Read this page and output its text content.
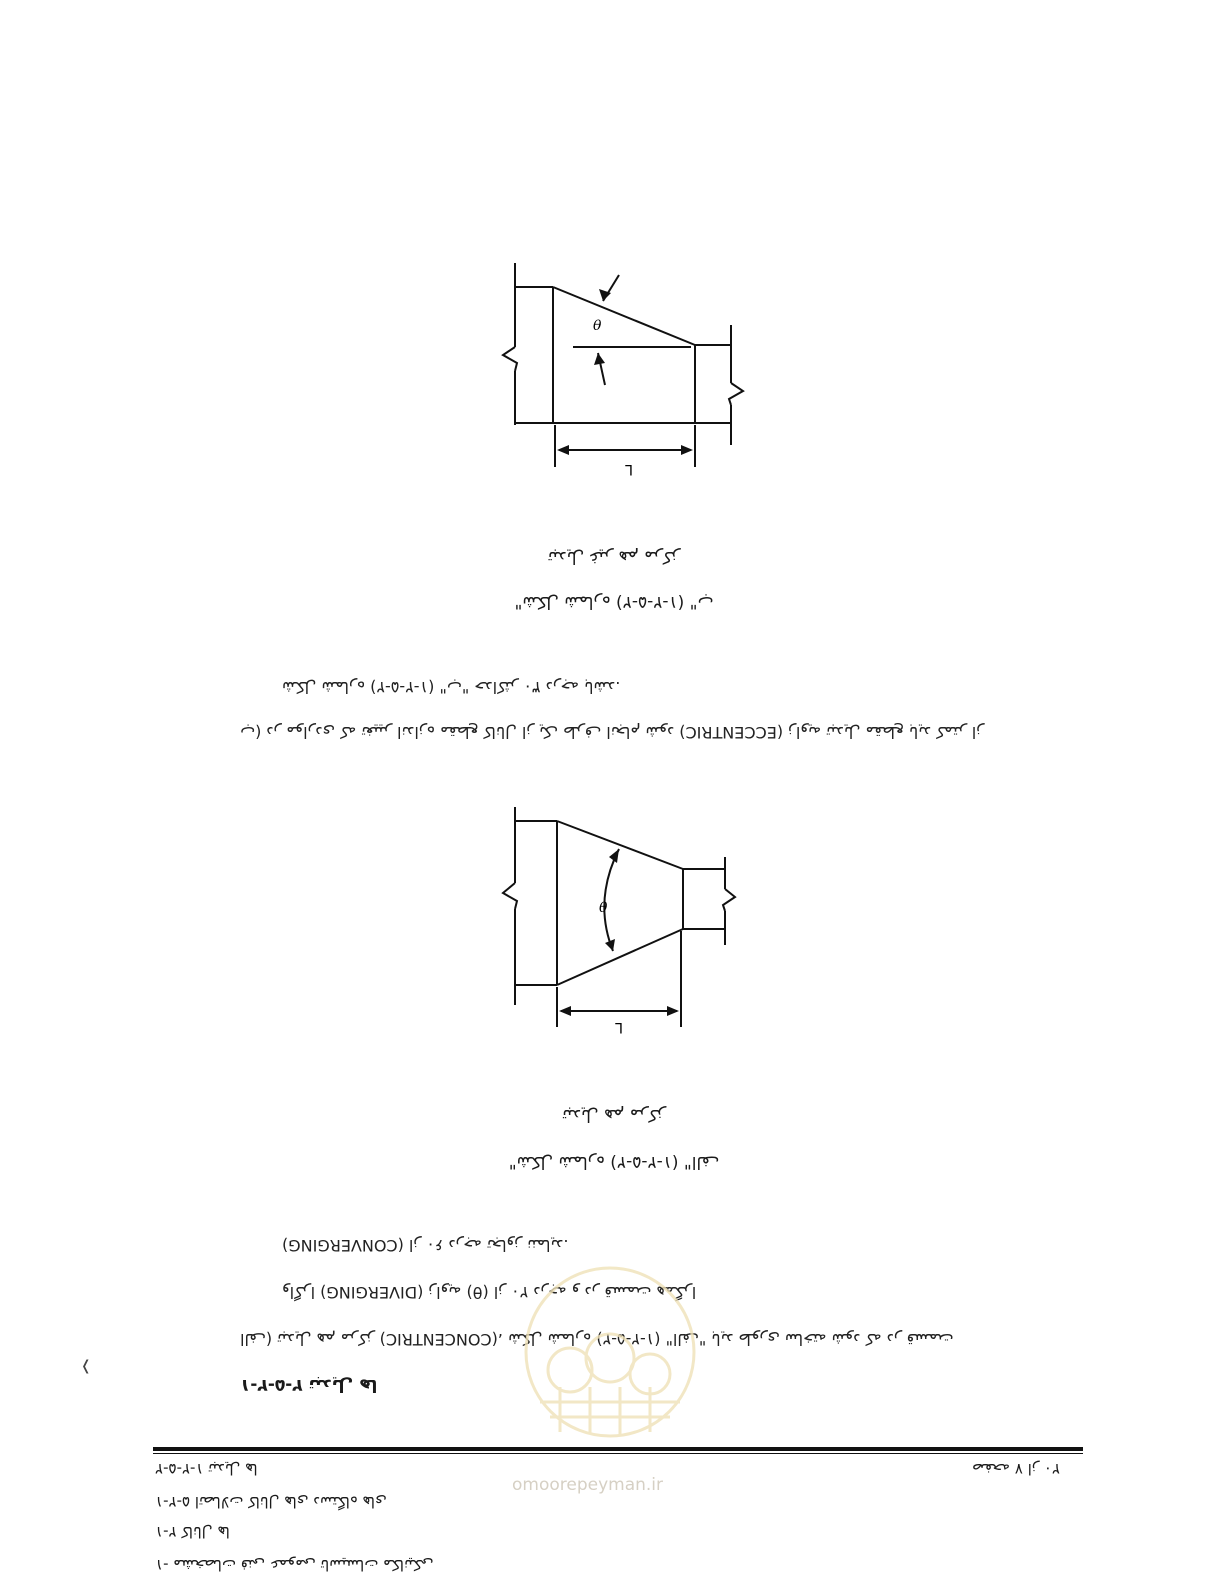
θ
L
تبدیل غیر هم مرکز
شکل شماره (۲-۵-۲-۱) "ب"
شکل شماره (۲-۵-۲-۱) "ب" حداکثر ۳۰ درجه باشد.
ب) در مواردی که تغییر اندازه مقطع کانال از یک طرف انجام شود (ECCENTRIC) زاویه تبدیل مقطع باید کمتر از
θ
L
تبدیل هم مرکز
شکل شماره (۲-۵-۲-۱) "الف"
(CONVERGING) از ۶۰ درجه تجاوز ننماید.
واگرا (DIVERGING) زاویه (θ) از ۲۰ درجه و در قسمت همگرا
الف) تبدیل هم مرکز (CONCENTRIC)، شکل شماره (۲-۵-۲-۱) "الف" باید طوری ساخته شود که در قسمت
۲-۵-۲-۱ تبدیل ها
❬
صفحه ۷ از ۲۰
۱-۲-۵-۲ تبدیل ها
۵-۲-۱ اتصالات کانال های دستگاه های
۲-۱ کانال ها
۱- مشخصات فنی عمومی تاسیسات مکانیکی
omoorepeyman.ir
